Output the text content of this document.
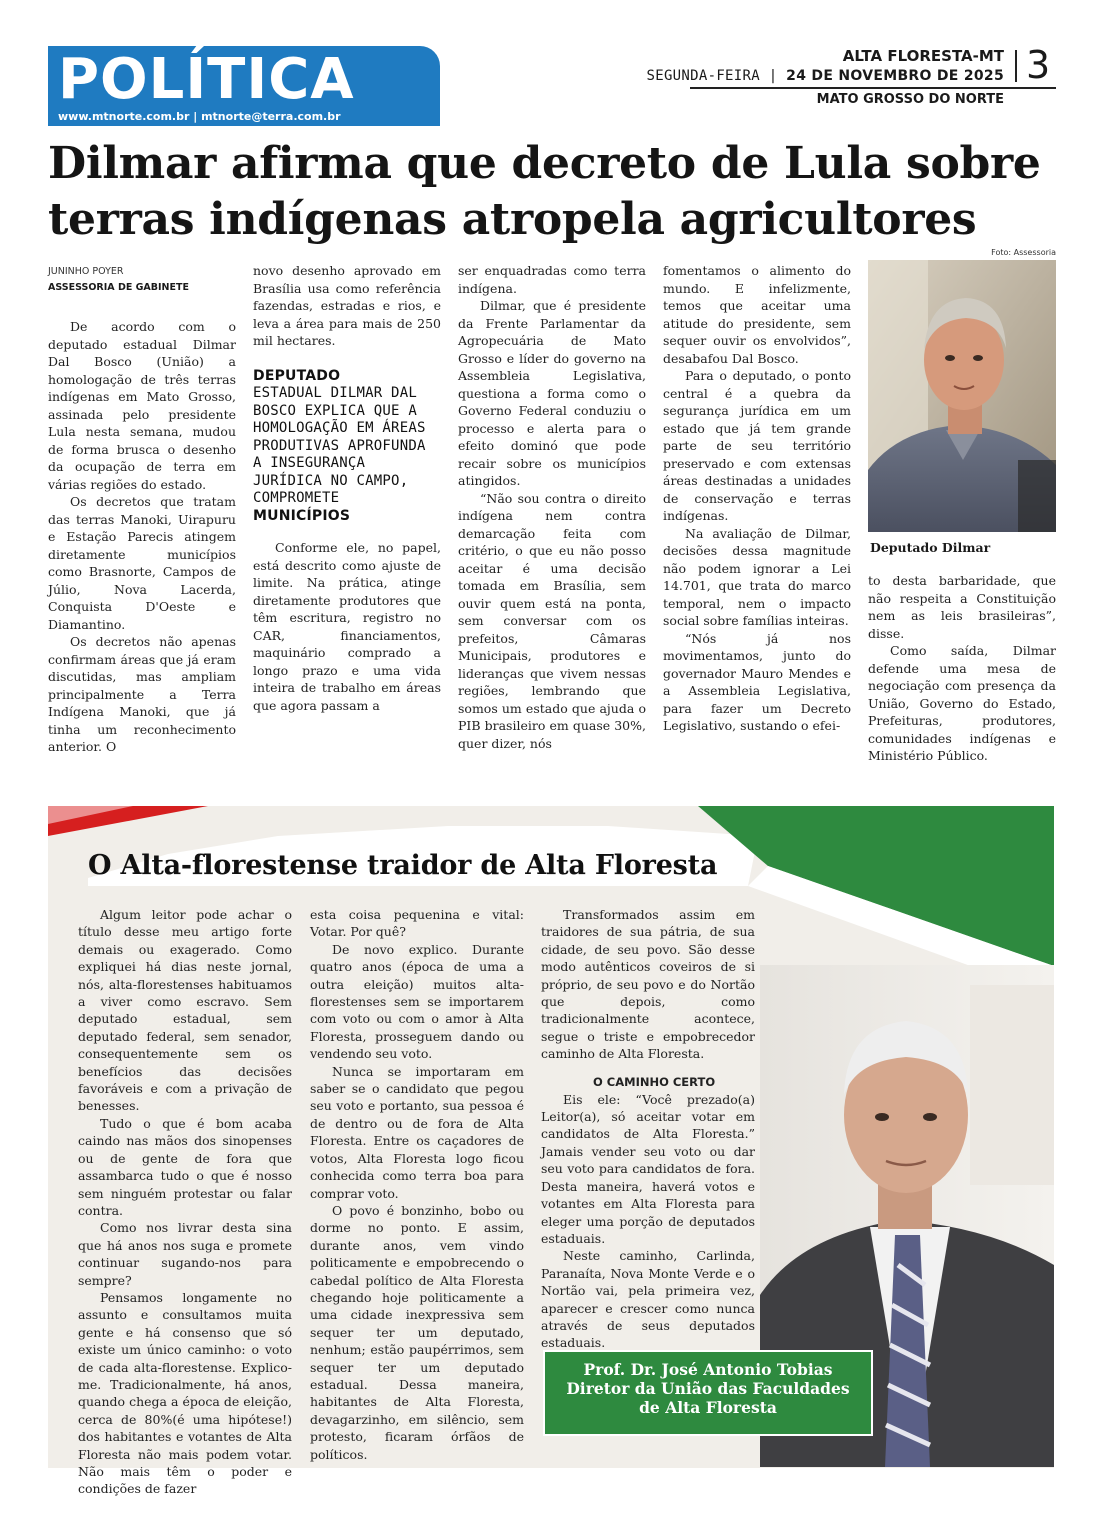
POLÍTICA
www.mtnorte.com.br | mtnorte@terra.com.br
ALTA FLORESTA-MT
SEGUNDA-FEIRA | 24 DE NOVEMBRO DE 2025 3
MATO GROSSO DO NORTE
Dilmar afirma que decreto de Lula sobre
terras indígenas atropela agricultores
JUNINHO POYER
ASSESSORIA DE GABINETE

De acordo com o deputado estadual Dilmar Dal Bosco (União) a homologação de três terras indígenas em Mato Grosso, assinada pelo presidente Lula nesta semana, mudou de forma brusca o desenho da ocupação de terra em várias regiões do estado.

Os decretos que tratam das terras Manoki, Uirapuru e Estação Parecis atingem diretamente municípios como Brasnorte, Campos de Júlio, Nova Lacerda, Conquista D'Oeste e Diamantino.

Os decretos não apenas confirmam áreas que já eram discutidas, mas ampliam principalmente a Terra Indígena Manoki, que já tinha um reconhecimento anterior. O

novo desenho aprovado em Brasília usa como referência fazendas, estradas e rios, e leva a área para mais de 250 mil hectares.

DEPUTADO
ESTADUAL DILMAR DAL BOSCO EXPLICA QUE A HOMOLOGAÇÃO EM ÁREAS PRODUTIVAS APROFUNDA A INSEGURANÇA JURÍDICA NO CAMPO, COMPROMETE
MUNICÍPIOS

Conforme ele, no papel, está descrito como ajuste de limite. Na prática, atinge diretamente produtores que têm escritura, registro no CAR, financiamentos, maquinário comprado a longo prazo e uma vida inteira de trabalho em áreas que agora passam a

ser enquadradas como terra indígena.

Dilmar, que é presidente da Frente Parlamentar da Agropecuária de Mato Grosso e líder do governo na Assembleia Legislativa, questiona a forma como o Governo Federal conduziu o processo e alerta para o efeito dominó que pode recair sobre os municípios atingidos.

“Não sou contra o direito indígena nem contra demarcação feita com critério, o que eu não posso aceitar é uma decisão tomada em Brasília, sem ouvir quem está na ponta, sem conversar com os prefeitos, Câmaras Municipais, produtores e lideranças que vivem nessas regiões, lembrando que somos um estado que ajuda o PIB brasileiro em quase 30%, quer dizer, nós

fomentamos o alimento do mundo. E infelizmente, temos que aceitar uma atitude do presidente, sem sequer ouvir os envolvidos”, desabafou Dal Bosco.

Para o deputado, o ponto central é a quebra da segurança jurídica em um estado que já tem grande parte de seu território preservado e com extensas áreas destinadas a unidades de conservação e terras indígenas.

Na avaliação de Dilmar, decisões dessa magnitude não podem ignorar a Lei 14.701, que trata do marco temporal, nem o impacto social sobre famílias inteiras.

“Nós já nos movimentamos, junto do governador Mauro Mendes e a Assembleia Legislativa, para fazer um Decreto Legislativo, sustando o efei-

Foto: Assessoria
Deputado Dilmar

to desta barbaridade, que não respeita a Constituição nem as leis brasileiras”, disse.

Como saída, Dilmar defende uma mesa de negociação com presença da União, Governo do Estado, Prefeituras, produtores, comunidades indígenas e Ministério Público.

O Alta-florestense traidor de Alta Floresta

Algum leitor pode achar o título desse meu artigo forte demais ou exagerado. Como expliquei há dias neste jornal, nós, alta-florestenses habituamos a viver como escravo. Sem deputado estadual, sem deputado federal, sem senador, consequentemente sem os benefícios das decisões favoráveis e com a privação de benesses.

Tudo o que é bom acaba caindo nas mãos dos sinopenses ou de gente de fora que assambarca tudo o que é nosso sem ninguém protestar ou falar contra.

Como nos livrar desta sina que há anos nos suga e promete continuar sugando-nos para sempre?

Pensamos longamente no assunto e consultamos muita gente e há consenso que só existe um único caminho: o voto de cada alta-florestense. Explico-me. Tradicionalmente, há anos, quando chega a época de eleição, cerca de 80%(é uma hipótese!) dos habitantes e votantes de Alta Floresta não mais podem votar. Não mais têm o poder e condições de fazer

esta coisa pequenina e vital: Votar. Por quê?

De novo explico. Durante quatro anos (época de uma a outra eleição) muitos alta-florestenses sem se importarem com voto ou com o amor à Alta Floresta, prosseguem dando ou vendendo seu voto.

Nunca se importaram em saber se o candidato que pegou seu voto e portanto, sua pessoa é de dentro ou de fora de Alta Floresta. Entre os caçadores de votos, Alta Floresta logo ficou conhecida como terra boa para comprar voto.

O povo é bonzinho, bobo ou dorme no ponto. E assim, durante anos, vem vindo politicamente e empobrecendo o cabedal político de Alta Floresta chegando hoje politicamente a uma cidade inexpressiva sem sequer ter um deputado, nenhum; estão paupérrimos, sem sequer ter um deputado estadual. Dessa maneira, habitantes de Alta Floresta, devagarzinho, em silêncio, sem protesto, ficaram órfãos de políticos.

Transformados assim em traidores de sua pátria, de sua cidade, de seu povo. São desse modo autênticos coveiros de si próprio, de seu povo e do Nortão que depois, como tradicionalmente acontece, segue o triste e empobrecedor caminho de Alta Floresta.

O CAMINHO CERTO

Eis ele: “Você prezado(a) Leitor(a), só aceitar votar em candidatos de Alta Floresta.” Jamais vender seu voto ou dar seu voto para candidatos de fora. Desta maneira, haverá votos e votantes em Alta Floresta para eleger uma porção de deputados estaduais.

Neste caminho, Carlinda, Paranaíta, Nova Monte Verde e o Nortão vai, pela primeira vez, aparecer e crescer como nunca através de seus deputados estaduais.

Prof. Dr. José Antonio Tobias
Diretor da União das Faculdades
de Alta Floresta
